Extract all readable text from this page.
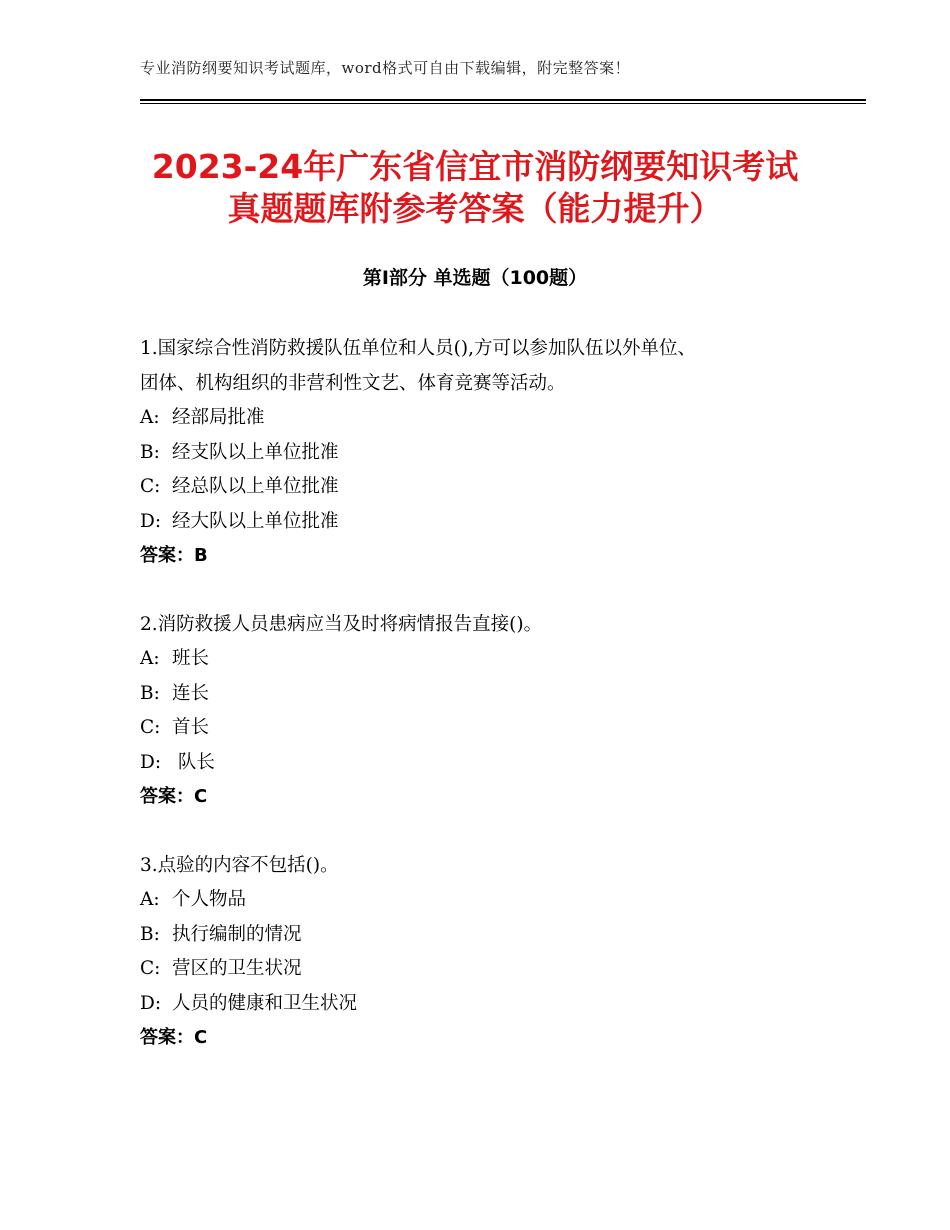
专业消防纲要知识考试题库，word格式可自由下载编辑，附完整答案！
2023-24年广东省信宜市消防纲要知识考试
真题题库附参考答案（能力提升）
第Ⅰ部分 单选题（100题）
1.国家综合性消防救援队伍单位和人员(),方可以参加队伍以外单位、
团体、机构组织的非营利性文艺、体育竞赛等活动。
A: 经部局批准
B: 经支队以上单位批准
C: 经总队以上单位批准
D: 经大队以上单位批准
答案：B
2.消防救援人员患病应当及时将病情报告直接()。
A: 班长
B: 连长
C: 首长
D: 队长
答案：C
3.点验的内容不包括()。
A: 个人物品
B: 执行编制的情况
C: 营区的卫生状况
D: 人员的健康和卫生状况
答案：C
